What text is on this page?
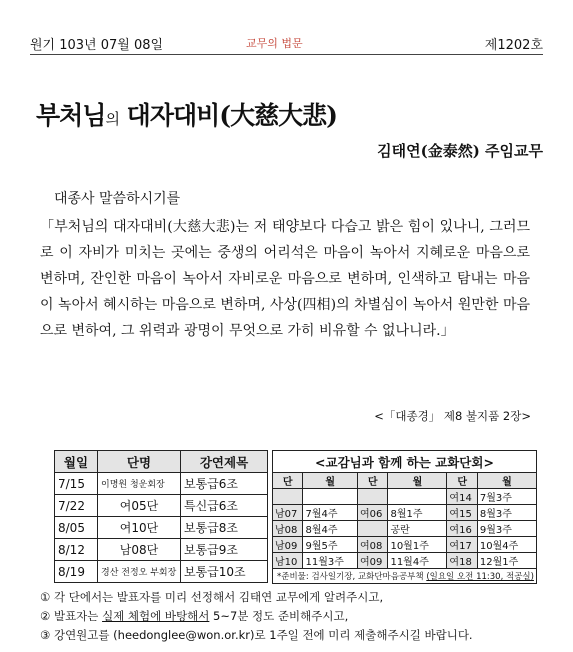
원기 103년 07월 08일	교무의 법문	제1202호
부처님의 대자대비(大慈大悲)
김태연(金泰然) 주임교무
대종사 말씀하시기를
「부처님의 대자대비(大慈大悲)는 저 태양보다 다습고 밝은 힘이 있나니, 그러므로 이 자비가 미치는 곳에는 중생의 어리석은 마음이 녹아서 지혜로운 마음으로 변하며, 잔인한 마음이 녹아서 자비로운 마음으로 변하며, 인색하고 탐내는 마음이 녹아서 혜시하는 마음으로 변하며, 사상(四相)의 차별심이 녹아서 원만한 마음으로 변하여, 그 위력과 광명이 무엇으로 가히 비유할 수 없나니라.」
<「대종경」 제8 불지품 2장>
월일	단명	강연제목
7/15	이명원 청운회장	보통급6조
7/22	여05단	특신급6조
8/05	여10단	보통급8조
8/12	남08단	보통급9조
8/19	경산 전정오 부회장	보통급10조
<교감님과 함께 하는 교화단회>					
단	월	단	월	단	월
				여14	7월3주
남07	7월4주	여06	8월1주	여15	8월3주
남08	8월4주		공란	여16	9월3주
남09	9월5주	여08	10월1주	여17	10월4주
남10	11월3주	여09	11월4주	여18	12월1주
*준비물: 검사일기장, 교화단마음공부책 (일요일 오전 11:30, 적공실)					
① 각 단에서는 발표자를 미리 선정해서 김태연 교무에게 알려주시고,
② 발표자는 실제 체험에 바탕해서 5~7분 정도 준비해주시고,
③ 강연원고를 (heedonglee@won.or.kr)로 1주일 전에 미리 제출해주시길 바랍니다.
